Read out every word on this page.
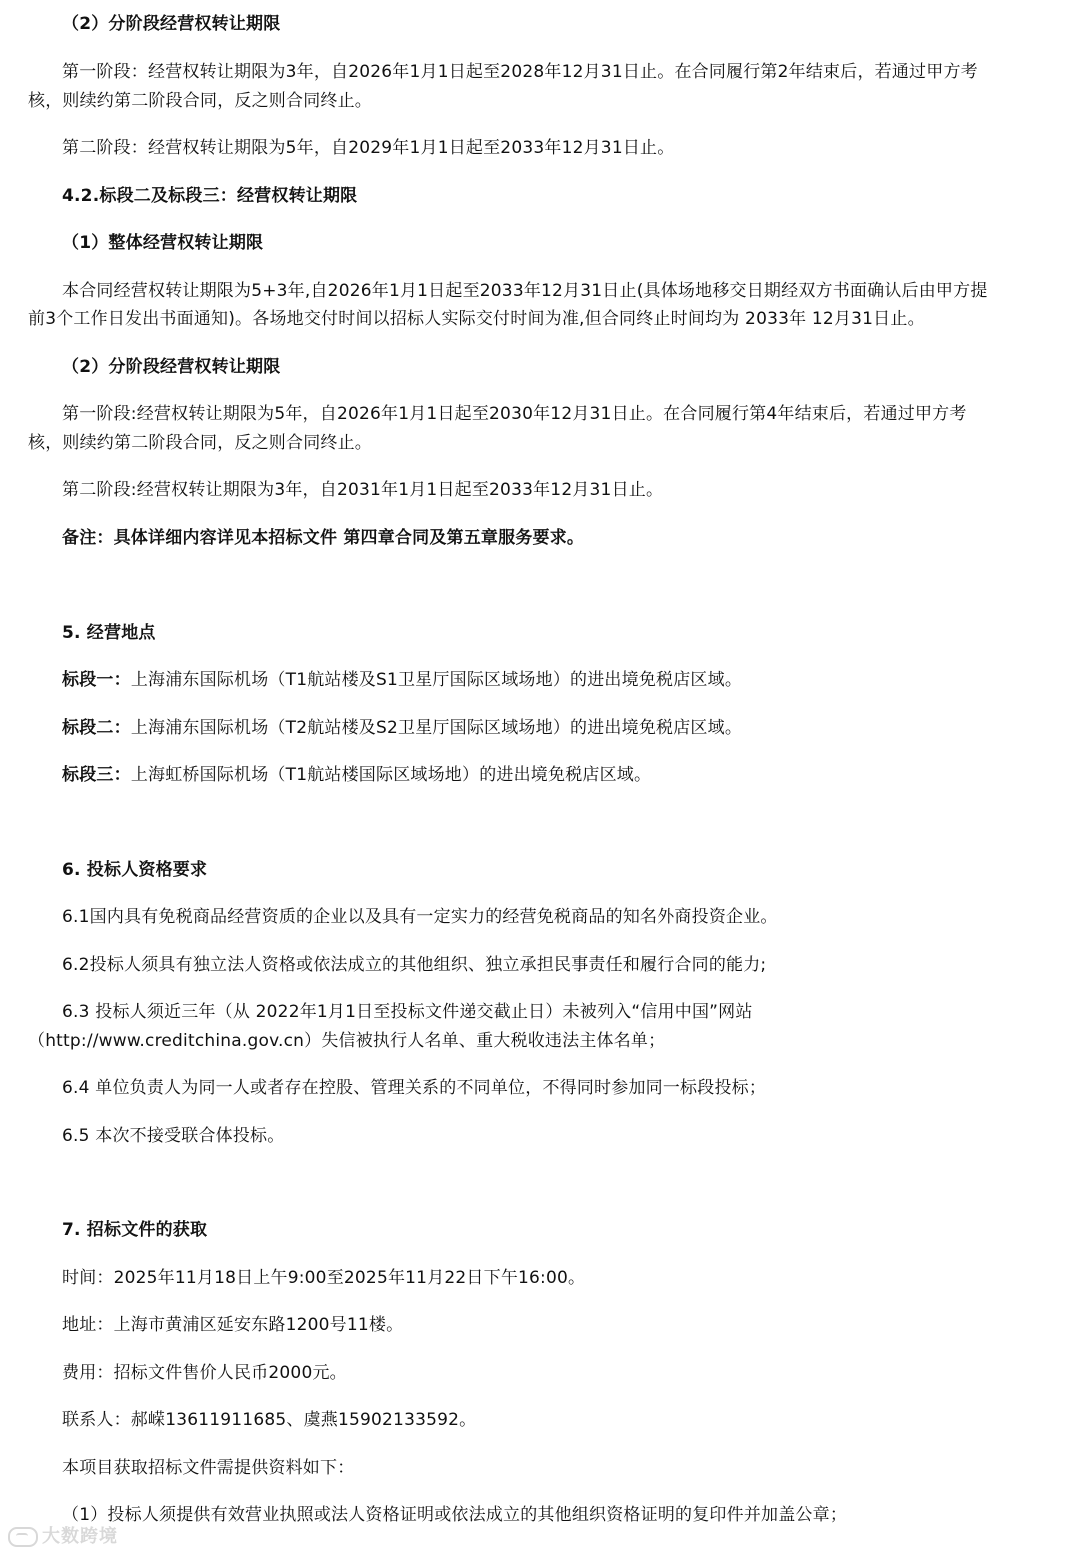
（2）分阶段经营权转让期限
第一阶段：经营权转让期限为3年，自2026年1月1日起至2028年12月31日止。在合同履行第2年结束后，若通过甲方考
核，则续约第二阶段合同，反之则合同终止。
第二阶段：经营权转让期限为5年，自2029年1月1日起至2033年12月31日止。
4.2.标段二及标段三：经营权转让期限
（1）整体经营权转让期限
本合同经营权转让期限为5+3年,自2026年1月1日起至2033年12月31日止(具体场地移交日期经双方书面确认后由甲方提
前3个工作日发出书面通知)。各场地交付时间以招标人实际交付时间为准,但合同终止时间均为 2033年 12月31日止。
（2）分阶段经营权转让期限
第一阶段:经营权转让期限为5年，自2026年1月1日起至2030年12月31日止。在合同履行第4年结束后，若通过甲方考
核，则续约第二阶段合同，反之则合同终止。
第二阶段:经营权转让期限为3年，自2031年1月1日起至2033年12月31日止。
备注：具体详细内容详见本招标文件 第四章合同及第五章服务要求。
5. 经营地点
标段一：上海浦东国际机场（T1航站楼及S1卫星厅国际区域场地）的进出境免税店区域。
标段二：上海浦东国际机场（T2航站楼及S2卫星厅国际区域场地）的进出境免税店区域。
标段三：上海虹桥国际机场（T1航站楼国际区域场地）的进出境免税店区域。
6. 投标人资格要求
6.1国内具有免税商品经营资质的企业以及具有一定实力的经营免税商品的知名外商投资企业。
6.2投标人须具有独立法人资格或依法成立的其他组织、独立承担民事责任和履行合同的能力;
6.3 投标人须近三年（从 2022年1月1日至投标文件递交截止日）未被列入“信用中国”网站
（http://www.creditchina.gov.cn）失信被执行人名单、重大税收违法主体名单；
6.4 单位负责人为同一人或者存在控股、管理关系的不同单位，不得同时参加同一标段投标；
6.5 本次不接受联合体投标。
7. 招标文件的获取
时间：2025年11月18日上午9:00至2025年11月22日下午16:00。
地址：上海市黄浦区延安东路1200号11楼。
费用：招标文件售价人民币2000元。
联系人：郝嵘13611911685、虞燕15902133592。
本项目获取招标文件需提供资料如下：
（1）投标人须提供有效营业执照或法人资格证明或依法成立的其他组织资格证明的复印件并加盖公章；
大数跨境
